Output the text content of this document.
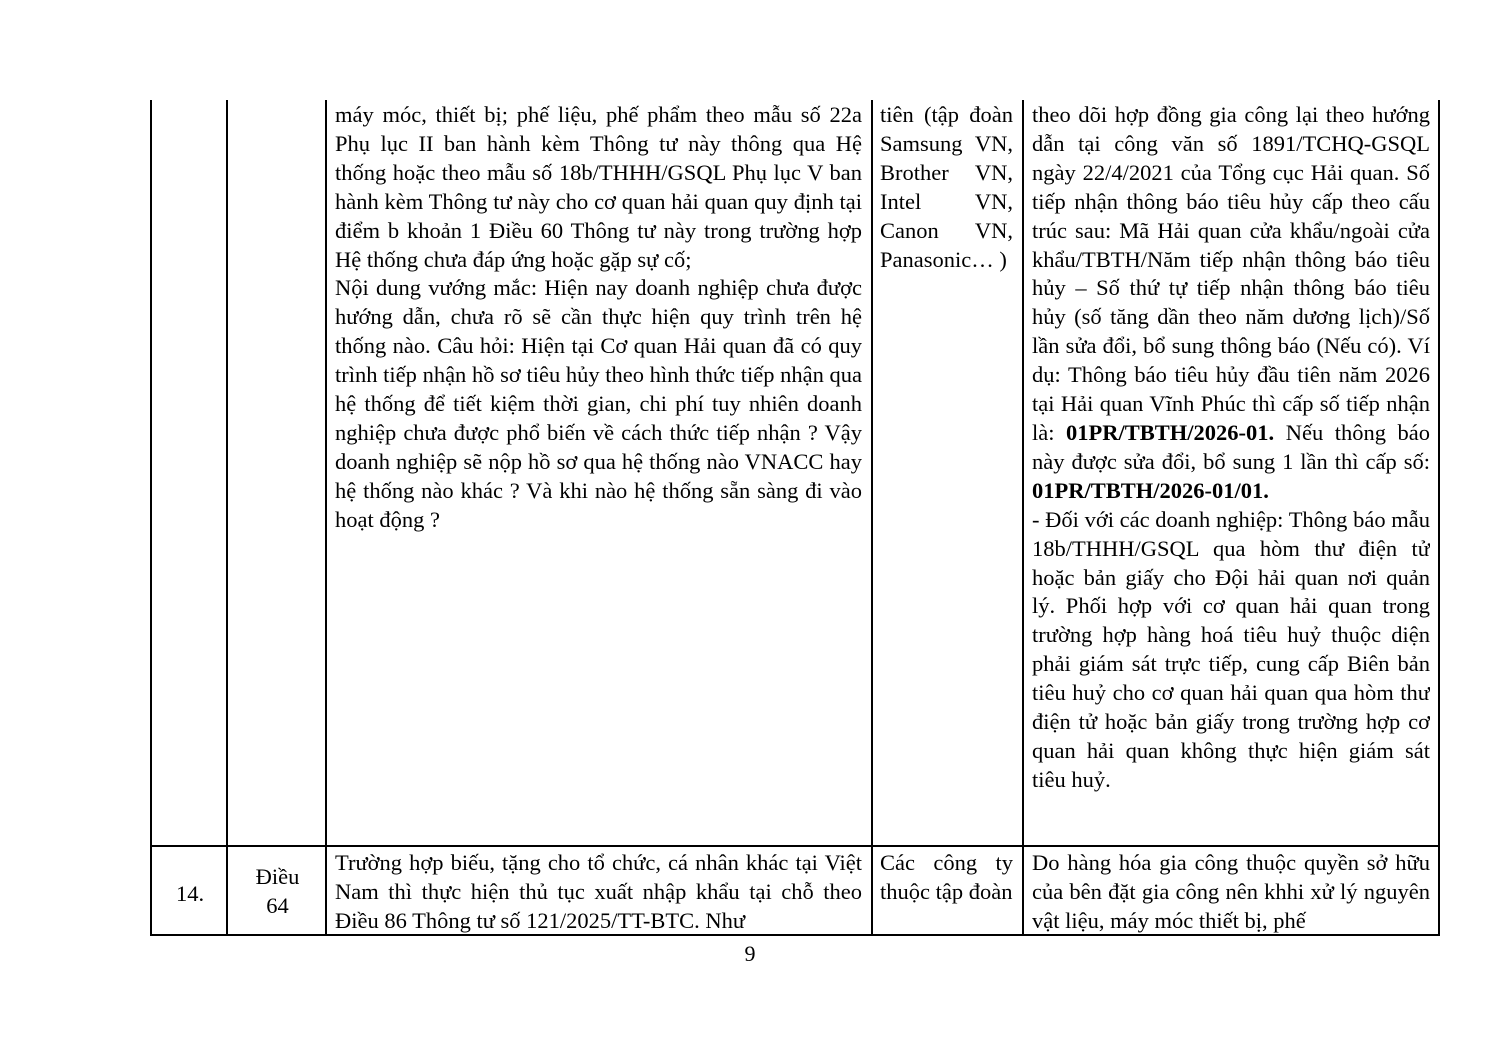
máy móc, thiết bị; phế liệu, phế phẩm theo mẫu số 22a Phụ lục II ban hành kèm Thông tư này thông qua Hệ thống hoặc theo mẫu số 18b/THHH/GSQL Phụ lục V ban hành kèm Thông tư này cho cơ quan hải quan quy định tại điểm b khoản 1 Điều 60 Thông tư này trong trường hợp Hệ thống chưa đáp ứng hoặc gặp sự cố;

Nội dung vướng mắc: Hiện nay doanh nghiệp chưa được hướng dẫn, chưa rõ sẽ cần thực hiện quy trình trên hệ thống nào. Câu hỏi: Hiện tại Cơ quan Hải quan đã có quy trình tiếp nhận hồ sơ tiêu hủy theo hình thức tiếp nhận qua hệ thống để tiết kiệm thời gian, chi phí tuy nhiên doanh nghiệp chưa được phổ biến về cách thức tiếp nhận ? Vậy doanh nghiệp sẽ nộp hồ sơ qua hệ thống nào VNACC hay hệ thống nào khác ? Và khi nào hệ thống sẵn sàng đi vào hoạt động ?

tiên (tập đoàn Samsung VN, Brother VN, Intel VN, Canon VN, Panasonic… )

theo dõi hợp đồng gia công lại theo hướng dẫn tại công văn số 1891/TCHQ-GSQL ngày 22/4/2021 của Tổng cục Hải quan. Số tiếp nhận thông báo tiêu hủy cấp theo cấu trúc sau: Mã Hải quan cửa khẩu/ngoài cửa khẩu/TBTH/Năm tiếp nhận thông báo tiêu hủy – Số thứ tự tiếp nhận thông báo tiêu hủy (số tăng dần theo năm dương lịch)/Số lần sửa đổi, bổ sung thông báo (Nếu có). Ví dụ: Thông báo tiêu hủy đầu tiên năm 2026 tại Hải quan Vĩnh Phúc thì cấp số tiếp nhận là: 01PR/TBTH/2026-01. Nếu thông báo này được sửa đổi, bổ sung 1 lần thì cấp số: 01PR/TBTH/2026-01/01.

- Đối với các doanh nghiệp: Thông báo mẫu 18b/THHH/GSQL qua hòm thư điện tử hoặc bản giấy cho Đội hải quan nơi quản lý. Phối hợp với cơ quan hải quan trong trường hợp hàng hoá tiêu huỷ thuộc diện phải giám sát trực tiếp, cung cấp Biên bản tiêu huỷ cho cơ quan hải quan qua hòm thư điện tử hoặc bản giấy trong trường hợp cơ quan hải quan không thực hiện giám sát tiêu huỷ.

14.

Điều

64

Trường hợp biếu, tặng cho tổ chức, cá nhân khác tại Việt Nam thì thực hiện thủ tục xuất nhập khẩu tại chỗ theo Điều 86 Thông tư số 121/2025/TT-BTC. Như

Các công ty thuộc tập đoàn

Do hàng hóa gia công thuộc quyền sở hữu của bên đặt gia công nên khhi xử lý nguyên vật liệu, máy móc thiết bị, phế

9
